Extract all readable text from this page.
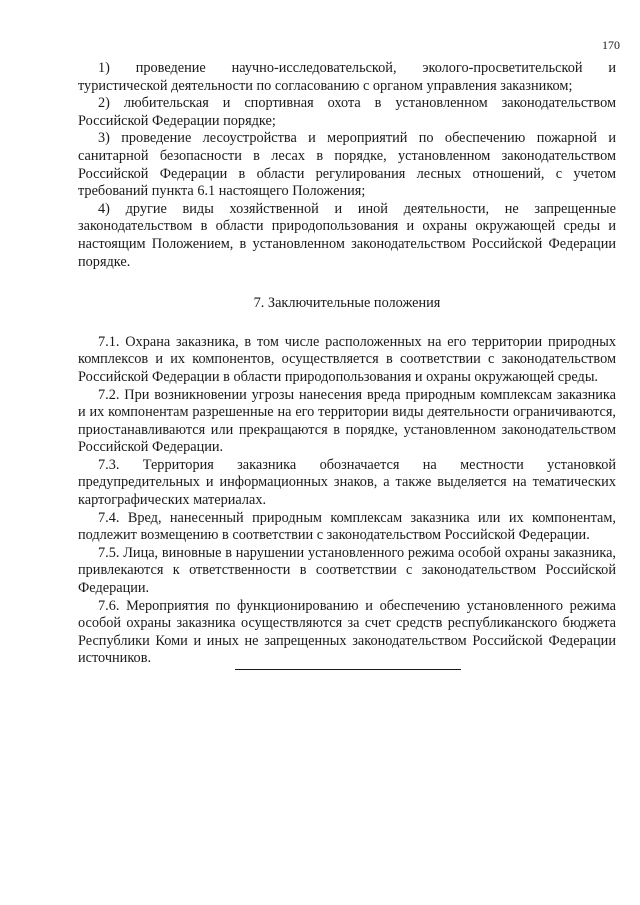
170

1) проведение научно-исследовательской, эколого-просветительской и туристической деятельности по согласованию с органом управления заказником;

2) любительская и спортивная охота в установленном законодательством Российской Федерации порядке;

3) проведение лесоустройства и мероприятий по обеспечению пожарной и санитарной безопасности в лесах в порядке, установленном законодательством Российской Федерации в области регулирования лесных отношений, с учетом требований пункта 6.1 настоящего Положения;

4) другие виды хозяйственной и иной деятельности, не запрещенные законодательством в области природопользования и охраны окружающей среды и настоящим Положением, в установленном законодательством Российской Федерации порядке.

7. Заключительные положения

7.1. Охрана заказника, в том числе расположенных на его территории природных комплексов и их компонентов, осуществляется в соответствии с законодательством Российской Федерации в области природопользования и охраны окружающей среды.

7.2. При возникновении угрозы нанесения вреда природным комплексам заказника и их компонентам разрешенные на его территории виды деятельности ограничиваются, приостанавливаются или прекращаются в порядке, установленном законодательством Российской Федерации.

7.3. Территория заказника обозначается на местности установкой предупредительных и информационных знаков, а также выделяется на тематических картографических материалах.

7.4. Вред, нанесенный природным комплексам заказника или их компонентам, подлежит возмещению в соответствии с законодательством Российской Федерации.

7.5. Лица, виновные в нарушении установленного режима особой охраны заказника, привлекаются к ответственности в соответствии с законодательством Российской Федерации.

7.6. Мероприятия по функционированию и обеспечению установленного режима особой охраны заказника осуществляются за счет средств республиканского бюджета Республики Коми и иных не запрещенных законодательством Российской Федерации источников.
